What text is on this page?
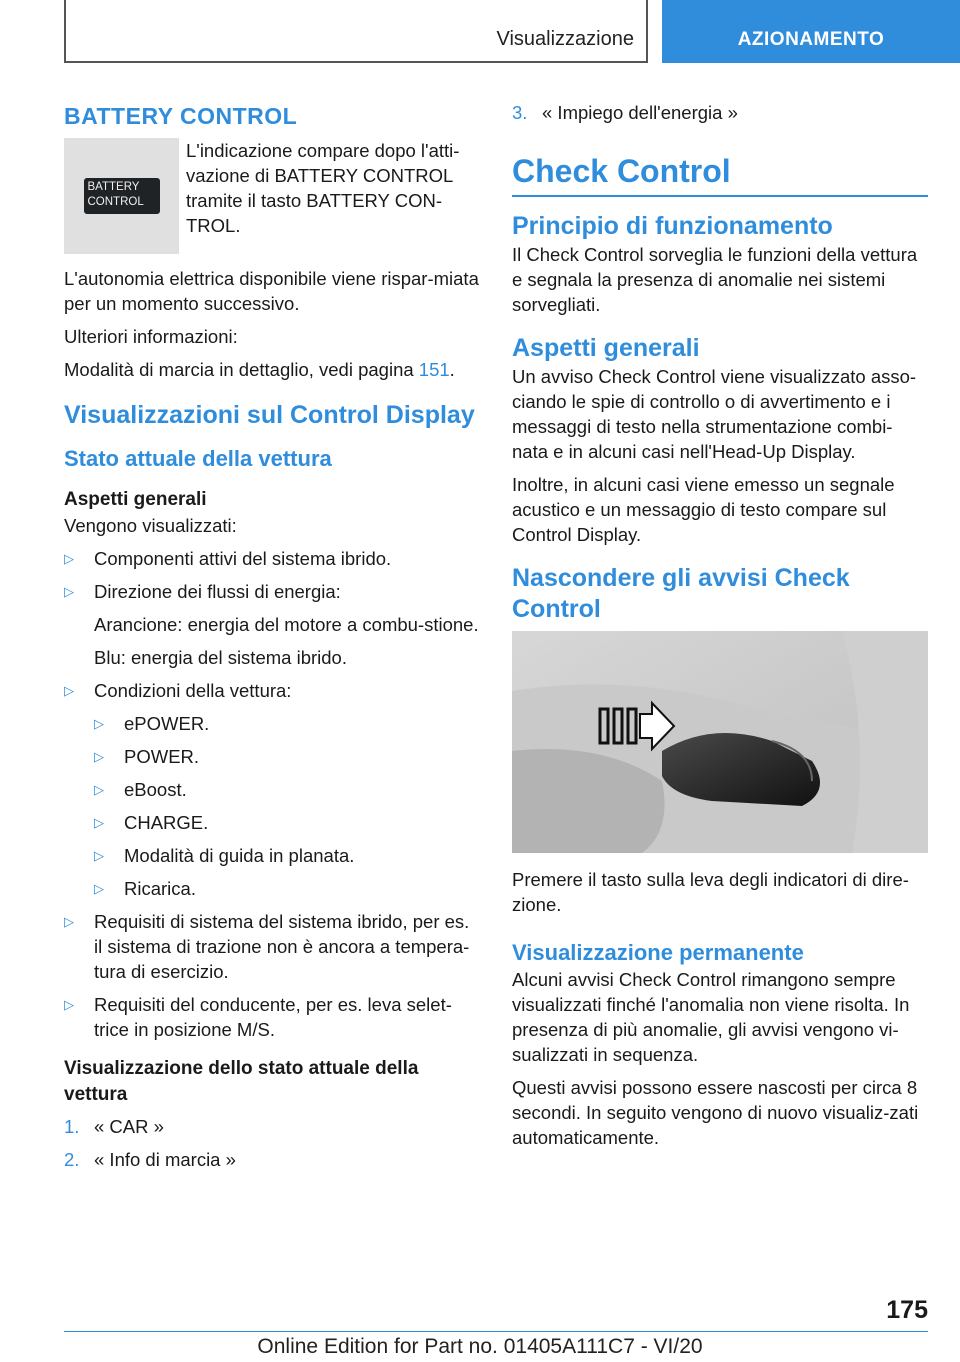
Visualizzazione	AZIONAMENTO
BATTERY CONTROL
BATTERY CONTROL
L'indicazione compare dopo l'atti-vazione di BATTERY CONTROL tramite il tasto BATTERY CON-TROL.

L'autonomia elettrica disponibile viene rispar-miata per un momento successivo.

Ulteriori informazioni:

Modalità di marcia in dettaglio, vedi pagina 151.

Visualizzazioni sul Control Display
Stato attuale della vettura
Aspetti generali

Vengono visualizzati:

▷ Componenti attivi del sistema ibrido.
▷ Direzione dei flussi di energia:
Arancione: energia del motore a combu-stione.
Blu: energia del sistema ibrido.
▷ Condizioni della vettura:
▷ ePOWER.
▷ POWER.
▷ eBoost.
▷ CHARGE.
▷ Modalità di guida in planata.
▷ Ricarica.
▷ Requisiti di sistema del sistema ibrido, per es. il sistema di trazione non è ancora a tempera-tura di esercizio.
▷ Requisiti del conducente, per es. leva selet-trice in posizione M/S.
Visualizzazione dello stato attuale della vettura
1. « CAR »
2. « Info di marcia »
3. « Impiego dell'energia »
Check Control
Principio di funzionamento

Il Check Control sorveglia le funzioni della vettura e segnala la presenza di anomalie nei sistemi sorvegliati.

Aspetti generali

Un avviso Check Control viene visualizzato asso-ciando le spie di controllo o di avvertimento e i messaggi di testo nella strumentazione combi-nata e in alcuni casi nell'Head-Up Display.

Inoltre, in alcuni casi viene emesso un segnale acustico e un messaggio di testo compare sul Control Display.

Nascondere gli avvisi Check Control

Premere il tasto sulla leva degli indicatori di dire-zione.

Visualizzazione permanente

Alcuni avvisi Check Control rimangono sempre visualizzati finché l'anomalia non viene risolta. In presenza di più anomalie, gli avvisi vengono vi-sualizzati in sequenza.

Questi avvisi possono essere nascosti per circa 8 secondi. In seguito vengono di nuovo visualiz-zati automaticamente.

175
Online Edition for Part no. 01405A111C7 - VI/20
